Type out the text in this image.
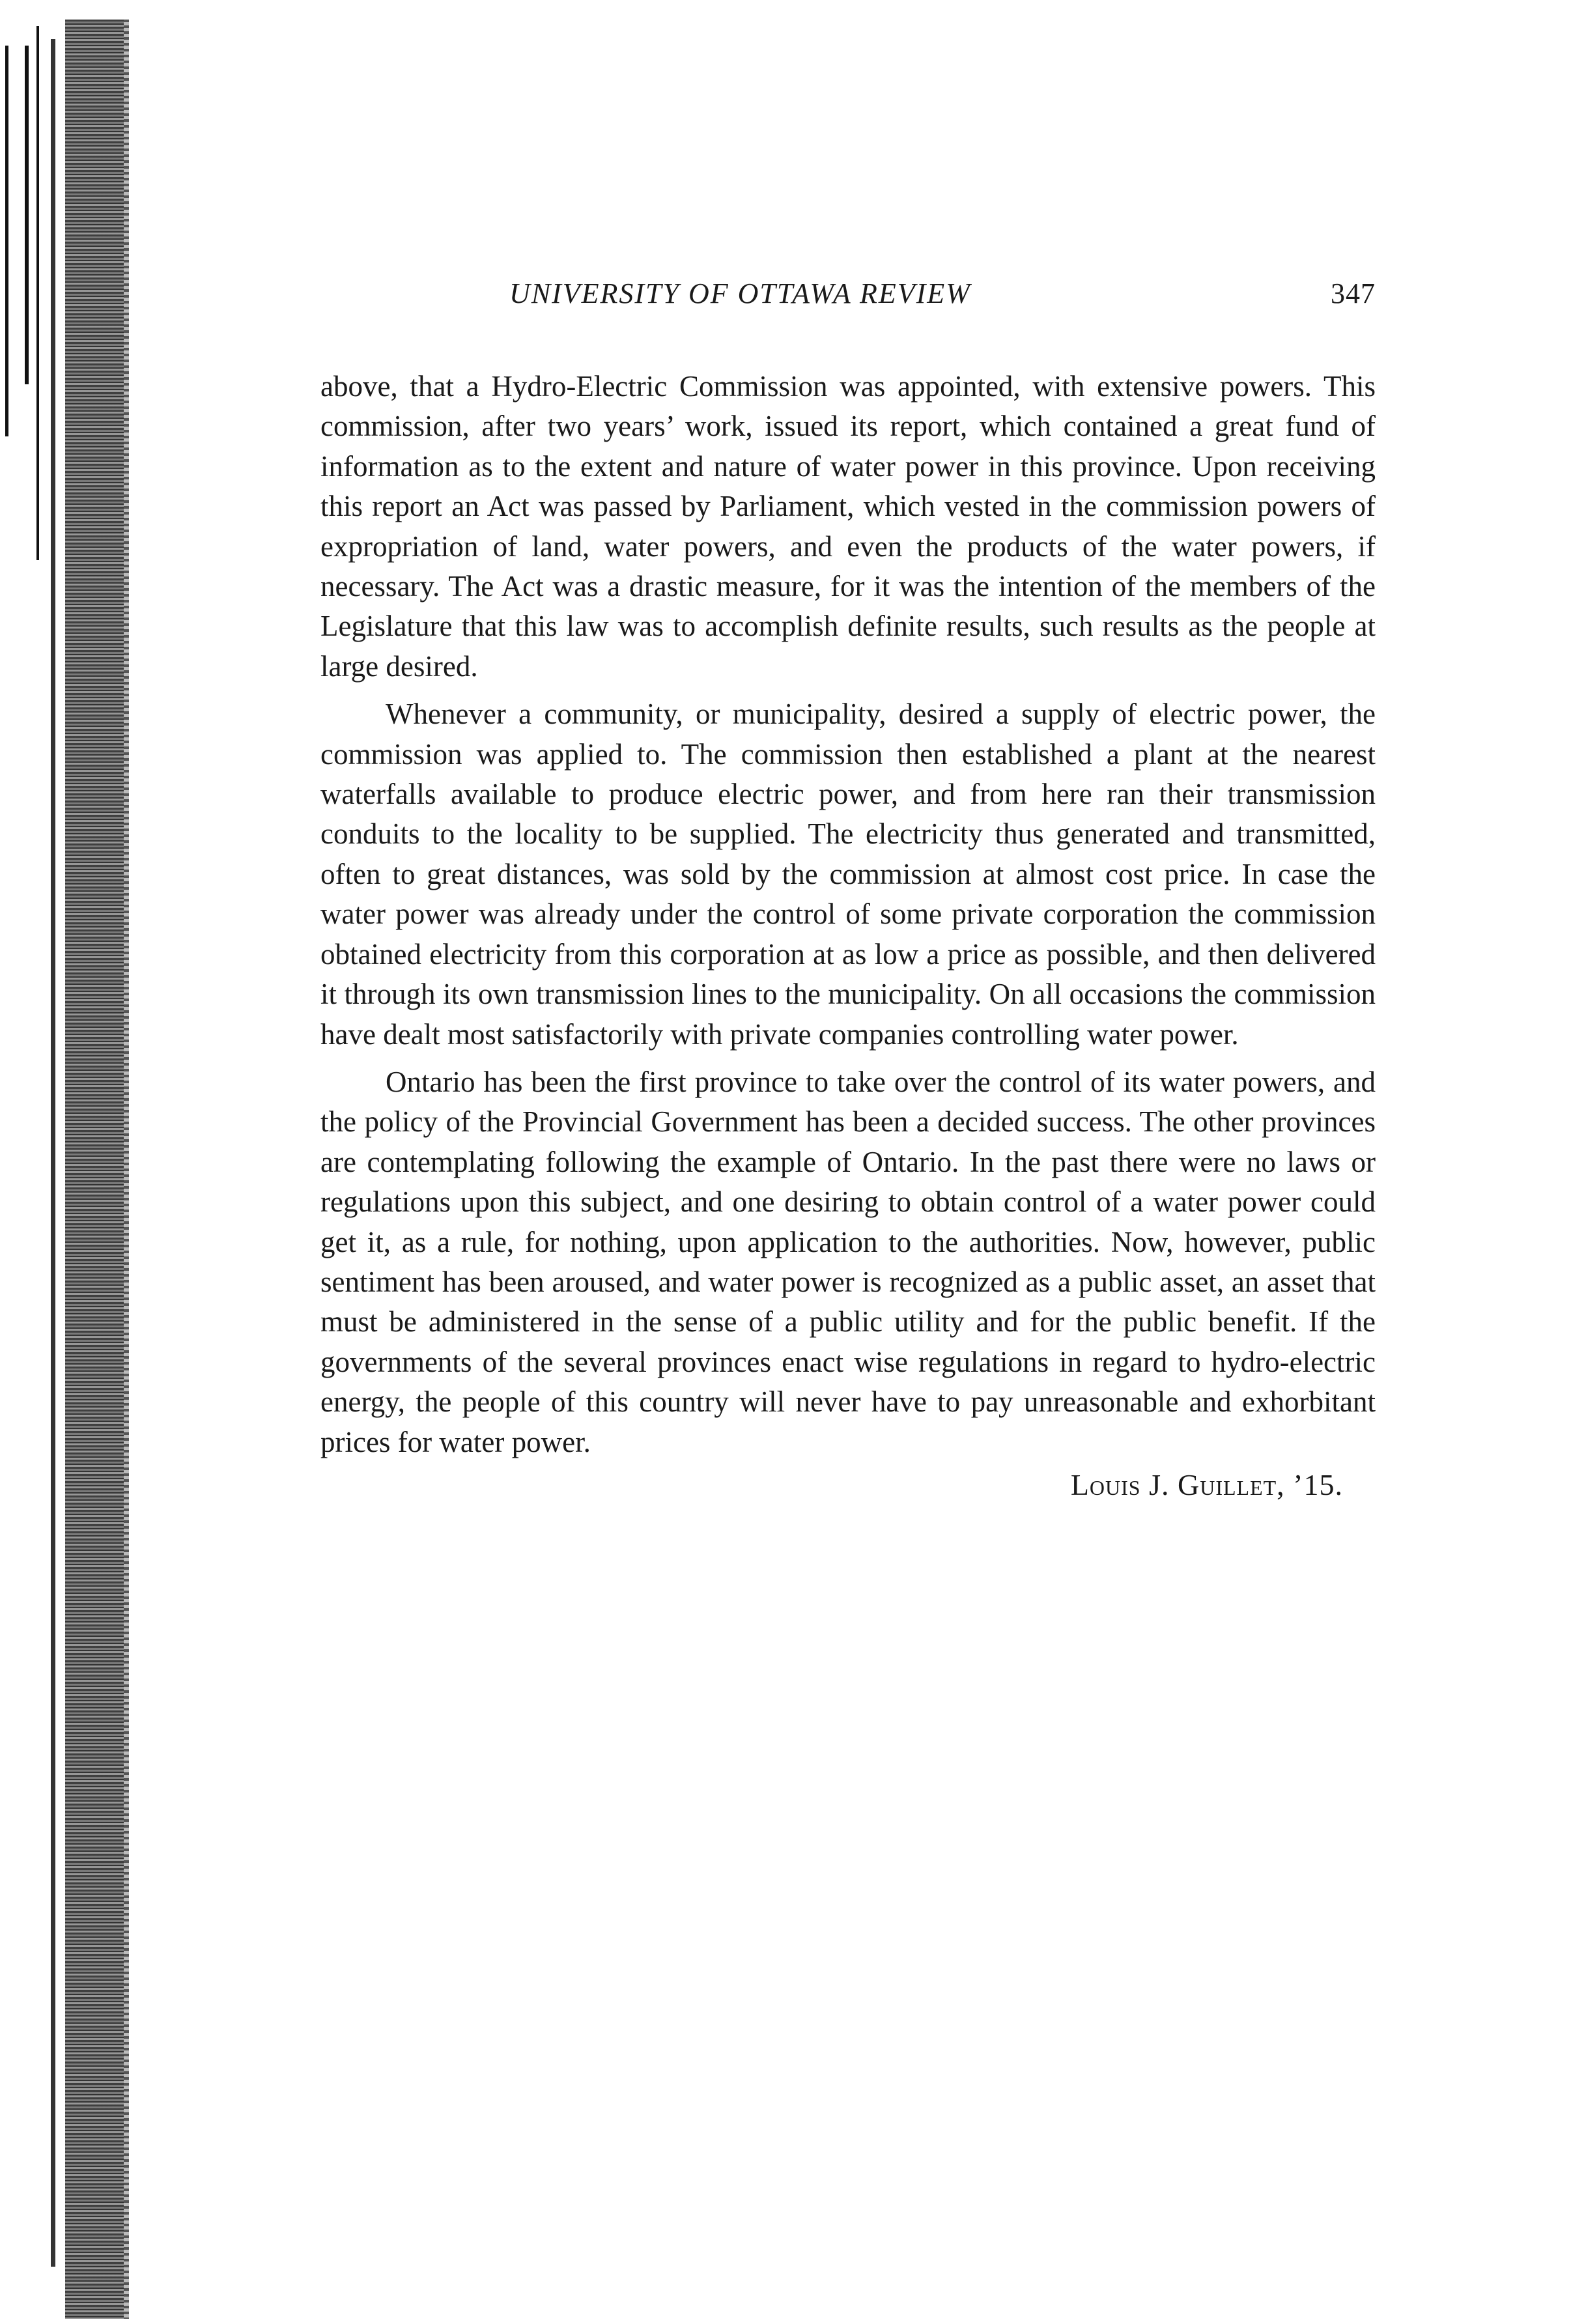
UNIVERSITY OF OTTAWA REVIEW	347

above, that a Hydro-Electric Commission was appointed, with extensive powers. This commission, after two years’ work, issued its report, which contained a great fund of information as to the extent and nature of water power in this province. Upon receiving this report an Act was passed by Parliament, which vested in the commission powers of expropriation of land, water powers, and even the products of the water powers, if necessary. The Act was a drastic measure, for it was the intention of the members of the Legislature that this law was to accomplish definite results, such results as the people at large desired.

Whenever a community, or municipality, desired a supply of electric power, the commission was applied to. The commission then established a plant at the nearest waterfalls available to produce electric power, and from here ran their transmission conduits to the locality to be supplied. The electricity thus generated and transmitted, often to great distances, was sold by the commission at almost cost price. In case the water power was already under the control of some private corporation the commission obtained electricity from this corporation at as low a price as possible, and then delivered it through its own transmission lines to the municipality. On all occasions the commission have dealt most satisfactorily with private companies controlling water power.

Ontario has been the first province to take over the control of its water powers, and the policy of the Provincial Government has been a decided success. The other provinces are contemplating following the example of Ontario. In the past there were no laws or regulations upon this subject, and one desiring to obtain control of a water power could get it, as a rule, for nothing, upon application to the authorities. Now, however, public sentiment has been aroused, and water power is recognized as a public asset, an asset that must be administered in the sense of a public utility and for the public benefit. If the governments of the several provinces enact wise regulations in regard to hydro-electric energy, the people of this country will never have to pay unreasonable and exhorbitant prices for water power.

Louis J. Guillet, ’15.
